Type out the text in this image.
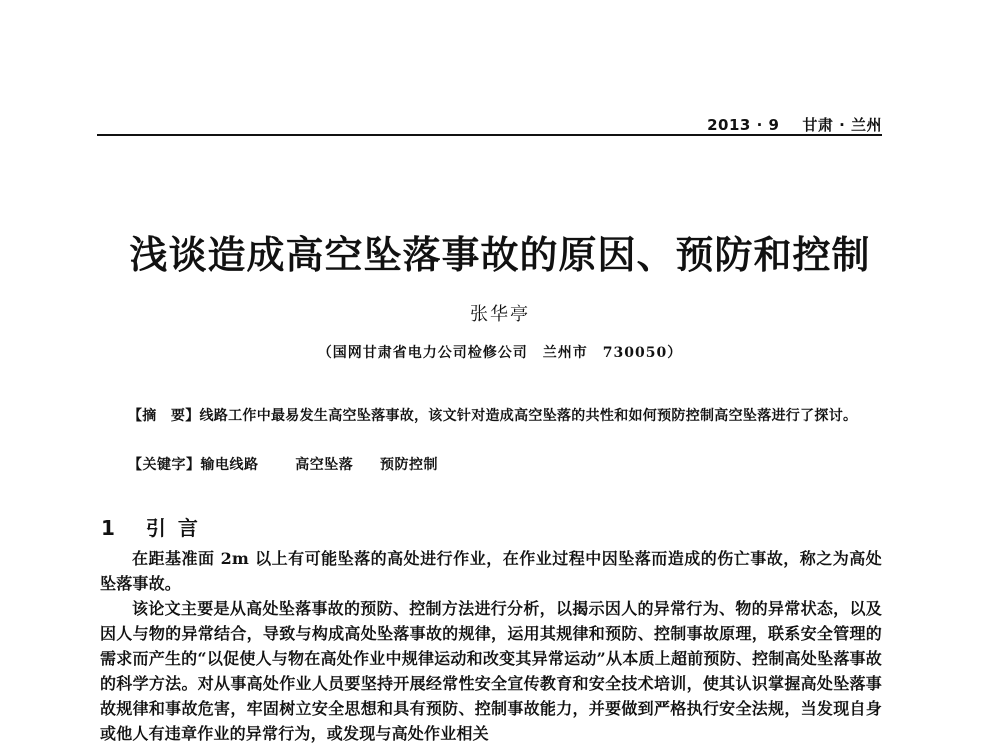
2013 · 9 甘肃 · 兰州
浅谈造成高空坠落事故的原因、预防和控制
张华亭
（国网甘肃省电力公司检修公司　兰州市　730050）
【摘　要】线路工作中最易发生高空坠落事故，该文针对造成高空坠落的共性和如何预防控制高空坠落进行了探讨。
【关键字】输电线路	高空坠落 预防控制
1 引言

在距基准面 2m 以上有可能坠落的高处进行作业，在作业过程中因坠落而造成的伤亡事故，称之为高处坠落事故。

该论文主要是从高处坠落事故的预防、控制方法进行分析，以揭示因人的异常行为、物的异常状态，以及因人与物的异常结合，导致与构成高处坠落事故的规律，运用其规律和预防、控制事故原理，联系安全管理的需求而产生的“以促使人与物在高处作业中规律运动和改变其异常运动”从本质上超前预防、控制高处坠落事故的科学方法。对从事高处作业人员要坚持开展经常性安全宣传教育和安全技术培训，使其认识掌握高处坠落事故规律和事故危害，牢固树立安全思想和具有预防、控制事故能力，并要做到严格执行安全法规，当发现自身或他人有违章作业的异常行为，或发现与高处作业相关
